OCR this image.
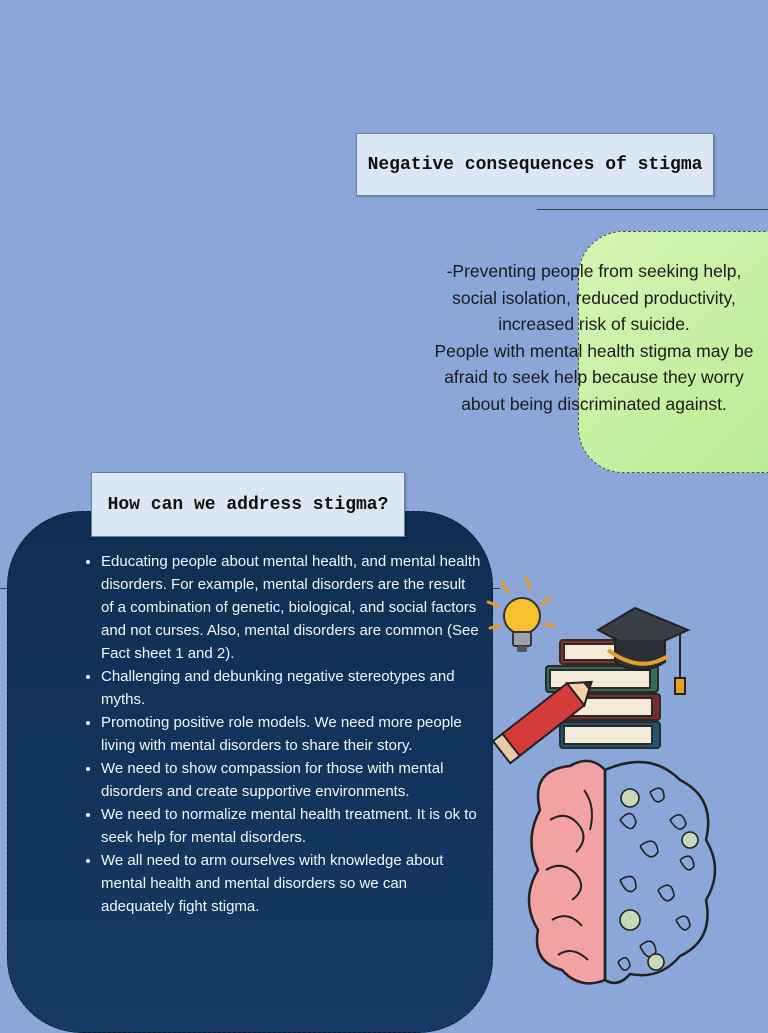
Negative consequences of stigma

-Preventing people from seeking help, social isolation, reduced productivity, increased risk of suicide.

People with mental health stigma may be afraid to seek help because they worry about being discriminated against.

How can we address stigma?
• Educating people about mental health, and mental health disorders. For example, mental disorders are the result of a combination of genetic, biological, and social factors and not curses. Also, mental disorders are common (See Fact sheet 1 and 2).
• Challenging and debunking negative stereotypes and myths.
• Promoting positive role models. We need more people living with mental disorders to share their story.
• We need to show compassion for those with mental disorders and create supportive environments.
• We need to normalize mental health treatment. It is ok to seek help for mental disorders.
• We all need to arm ourselves with knowledge about mental health and mental disorders so we can adequately fight stigma.
